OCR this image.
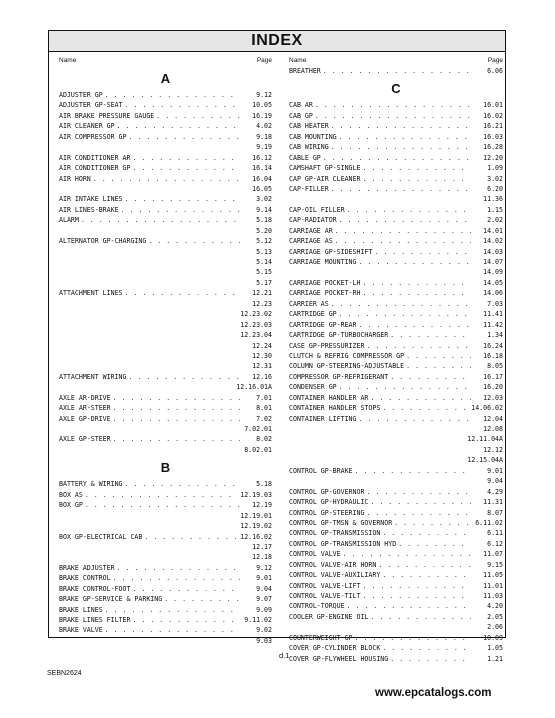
INDEX
Name	Page
A
ADJUSTER GP . . .	9.12
ADJUSTER GP-SEAT . . .	10.05
AIR BRAKE PRESSURE GAUGE . . .	16.19
AIR CLEANER GP . . .	4.02
AIR COMPRESSOR GP . . .	9.18
9.19
AIR CONDITIONER AR . . .	16.12
AIR CONDITIONER GP . . .	16.14
AIR HORN . . .	16.04
16.05
AIR INTAKE LINES . . .	3.02
AIR LINES-BRAKE . . .	9.14
ALARM . . .	5.18
5.20
ALTERNATOR GP-CHARGING . . .	5.12
5.13
5.14
5.15
5.17
ATTACHMENT LINES . . .	12.21
12.23
12.23.02
12.23.03
12.23.04
12.24
12.30
12.31
ATTACHMENT WIRING . . .	12.16
12.16.01A
AXLE AR-DRIVE . . .	7.01
AXLE AR-STEER . . .	8.01
AXLE GP-DRIVE . . .	7.02
7.02.01
AXLE GP-STEER . . .	8.02
8.02.01
B
BATTERY & WIRING . . .	5.18
BOX AS . . .	12.19.03
BOX GP . . .	12.19
12.19.01
12.19.02
BOX GP-ELECTRICAL CAB . . .	12.16.02
12.17
12.18
BRAKE ADJUSTER . . .	9.12
BRAKE CONTROL . . .	9.01
BRAKE CONTROL-FOOT . . .	9.04
BRAKE GP-SERVICE & PARKING . . .	9.07
BRAKE LINES . . .	9.09
BRAKE LINES FILTER . . .	9.11.02
BRAKE VALVE . . .	9.02
9.03
Name	Page
BREATHER . . .	6.06
C
CAB AR . . .	16.01
CAB GP . . .	16.02
CAB HEATER . . .	16.21
CAB MOUNTING . . .	16.03
CAB WIRING . . .	16.28
CABLE GP . . .	12.20
CAMSHAFT GP-SINGLE . . .	1.09
CAP GP-AIR CLEANER . . .	3.02
CAP-FILLER . . .	6.20
11.36
CAP-OIL FILLER . . .	1.15
CAP-RADIATOR . . .	2.02
CARRIAGE AR . . .	14.01
CARRIAGE AS . . .	14.02
CARRIAGE GP-SIDESHIFT . . .	14.03
CARRIAGE MOUNTING . . .	14.07
14.09
CARRIAGE POCKET-LH . . .	14.05
CARRIAGE POCKET-RH . . .	14.06
CARRIER AS . . .	7.03
CARTRIDGE GP . . .	11.41
CARTRIDGE GP-REAR . . .	11.42
CARTRIDGE GP-TURBOCHARGER . . .	1.34
CASE GP-PRESSURIZER . . .	16.24
CLUTCH & REFRIG COMPRESSOR GP . . .	16.18
COLUMN GP-STEERING-ADJUSTABLE . . .	8.05
COMPRESSOR GP-REFRIGERANT . . .	16.17
CONDENSER GP . . .	16.20
CONTAINER HANDLER AR . . .	12.03
CONTAINER HANDLER STOPS . . .	14.06.02
CONTAINER LIFTING . . .	12.04
12.08
12.11.04A
12.12
12.15.04A
CONTROL GP-BRAKE . . .	9.01
9.04
CONTROL GP-GOVERNOR . . .	4.29
CONTROL GP-HYDRAULIC . . .	11.31
CONTROL GP-STEERING . . .	8.07
CONTROL GP-TMSN & GOVERNOR . . .	6.11.02
CONTROL GP-TRANSMISSION . . .	6.11
CONTROL GP-TRANSMISSION HYD . . .	6.12
CONTROL VALVE . . .	11.07
CONTROL VALVE-AIR HORN . . .	9.15
CONTROL VALVE-AUXILIARY . . .	11.05
CONTROL VALVE-LIFT . . .	11.01
CONTROL VALVE-TILT . . .	11.03
CONTROL-TORQUE . . .	4.20
COOLER GP-ENGINE OIL . . .	2.05
2.06
COUNTERWEIGHT GP . . .	10.09
COVER GP-CYLINDER BLOCK . . .	1.05
COVER GP-FLYWHEEL HOUSING . . .	1.21
d.1
SEBN2624
www.epcatalogs.com
